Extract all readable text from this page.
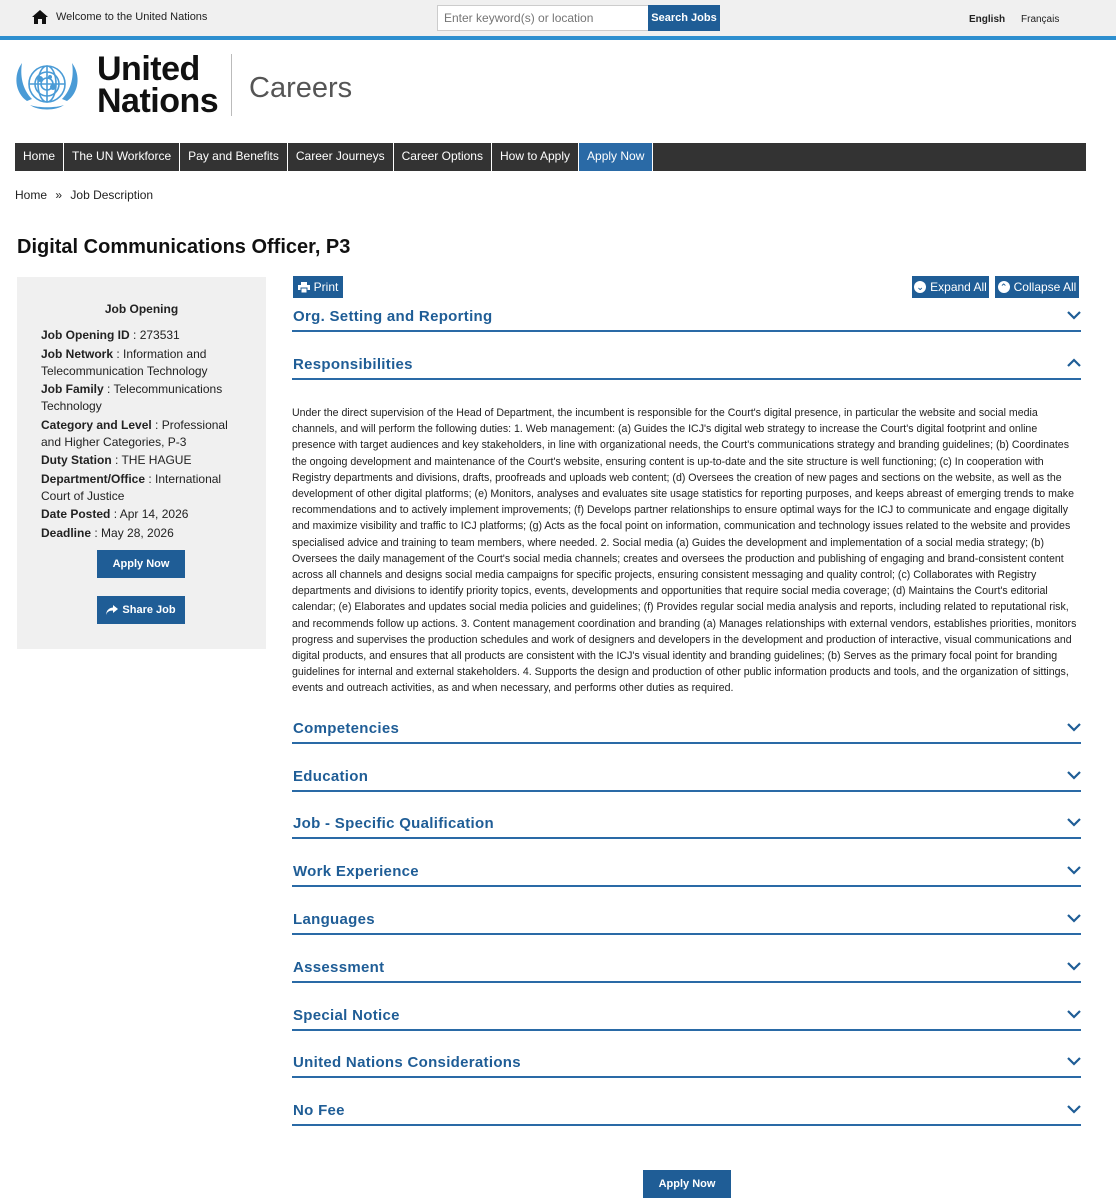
Welcome to the United Nations
Enter keyword(s) or location	Search Jobs	English Français
United
Nations Careers
Home	The UN Workforce	Pay and Benefits	Career Journeys	Career Options	How to Apply	Apply Now
Home » Job Description
Digital Communications Officer, P3
Job Opening
Job Opening ID : 273531
Job Network : Information and Telecommunication Technology
Job Family : Telecommunications Technology
Category and Level : Professional and Higher Categories, P-3
Duty Station : THE HAGUE
Department/Office : International Court of Justice
Date Posted : Apr 14, 2026
Deadline : May 28, 2026
Apply Now
Share Job
Print	⌄ Expand All ⌃ Collapse All
Org. Setting and Reporting
Responsibilities
Under the direct supervision of the Head of Department, the incumbent is responsible for the Court's digital presence, in particular the website and social media channels, and will perform the following duties: 1. Web management: (a) Guides the ICJ's digital web strategy to increase the Court's digital footprint and online presence with target audiences and key stakeholders, in line with organizational needs, the Court's communications strategy and branding guidelines; (b) Coordinates the ongoing development and maintenance of the Court's website, ensuring content is up-to-date and the site structure is well functioning; (c) In cooperation with Registry departments and divisions, drafts, proofreads and uploads web content; (d) Oversees the creation of new pages and sections on the website, as well as the development of other digital platforms; (e) Monitors, analyses and evaluates site usage statistics for reporting purposes, and keeps abreast of emerging trends to make recommendations and to actively implement improvements; (f) Develops partner relationships to ensure optimal ways for the ICJ to communicate and engage digitally and maximize visibility and traffic to ICJ platforms; (g) Acts as the focal point on information, communication and technology issues related to the website and provides specialised advice and training to team members, where needed. 2. Social media (a) Guides the development and implementation of a social media strategy; (b) Oversees the daily management of the Court's social media channels; creates and oversees the production and publishing of engaging and brand-consistent content across all channels and designs social media campaigns for specific projects, ensuring consistent messaging and quality control; (c) Collaborates with Registry departments and divisions to identify priority topics, events, developments and opportunities that require social media coverage; (d) Maintains the Court's editorial calendar; (e) Elaborates and updates social media policies and guidelines; (f) Provides regular social media analysis and reports, including related to reputational risk, and recommends follow up actions. 3. Content management coordination and branding (a) Manages relationships with external vendors, establishes priorities, monitors progress and supervises the production schedules and work of designers and developers in the development and production of interactive, visual communications and digital products, and ensures that all products are consistent with the ICJ's visual identity and branding guidelines; (b) Serves as the primary focal point for branding guidelines for internal and external stakeholders. 4. Supports the design and production of other public information products and tools, and the organization of sittings, events and outreach activities, as and when necessary, and performs other duties as required.
Competencies
Education
Job - Specific Qualification
Work Experience
Languages
Assessment
Special Notice
United Nations Considerations
No Fee
Apply Now
